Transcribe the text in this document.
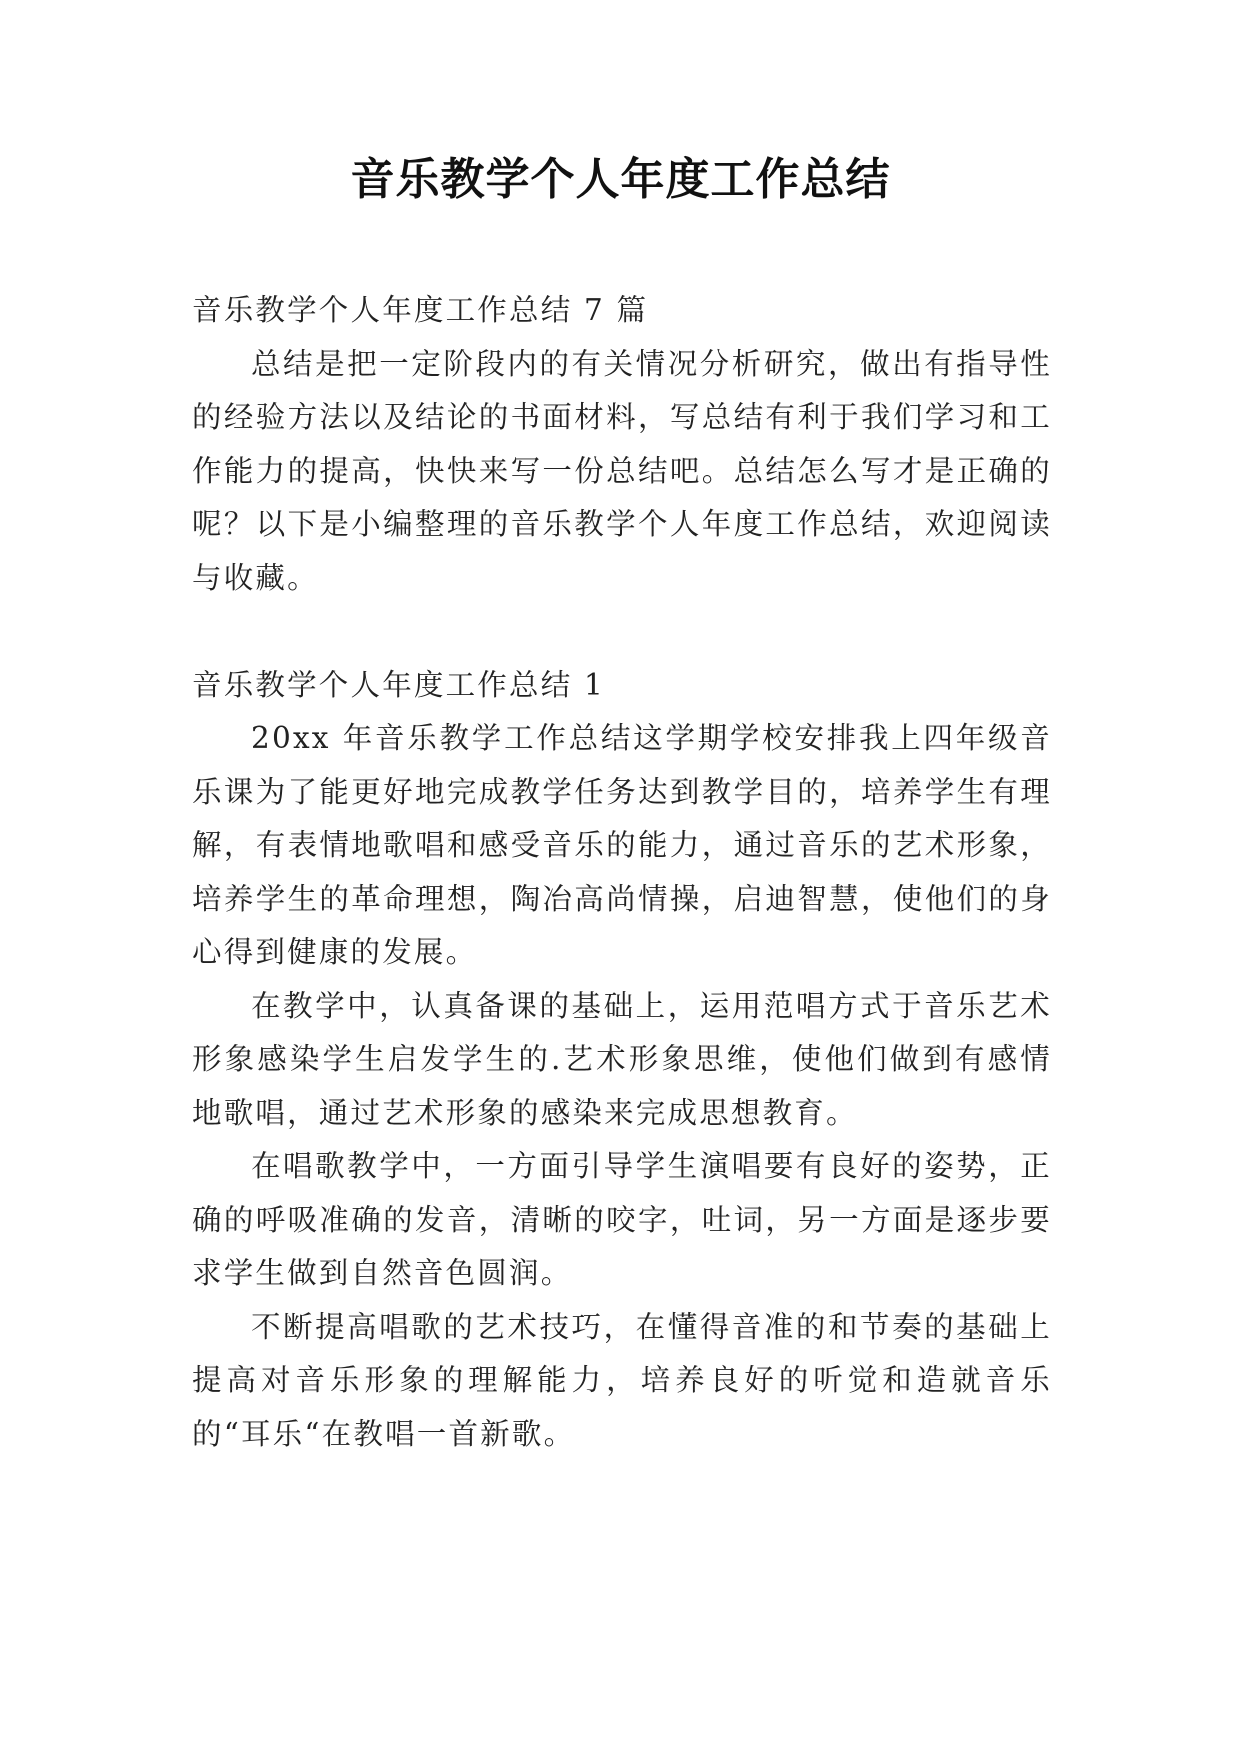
音乐教学个人年度工作总结

音乐教学个人年度工作总结 7 篇

总结是把一定阶段内的有关情况分析研究，做出有指导性的经验方法以及结论的书面材料，写总结有利于我们学习和工作能力的提高，快快来写一份总结吧。总结怎么写才是正确的呢？以下是小编整理的音乐教学个人年度工作总结，欢迎阅读与收藏。

音乐教学个人年度工作总结 1

20xx 年音乐教学工作总结这学期学校安排我上四年级音乐课为了能更好地完成教学任务达到教学目的，培养学生有理解，有表情地歌唱和感受音乐的能力，通过音乐的艺术形象，培养学生的革命理想，陶冶高尚情操，启迪智慧，使他们的身心得到健康的发展。

在教学中，认真备课的基础上，运用范唱方式于音乐艺术形象感染学生启发学生的.艺术形象思维，使他们做到有感情地歌唱，通过艺术形象的感染来完成思想教育。

在唱歌教学中，一方面引导学生演唱要有良好的姿势，正确的呼吸准确的发音，清晰的咬字，吐词，另一方面是逐步要求学生做到自然音色圆润。

不断提高唱歌的艺术技巧，在懂得音准的和节奏的基础上提高对音乐形象的理解能力，培养良好的听觉和造就音乐的“耳乐“在教唱一首新歌。
